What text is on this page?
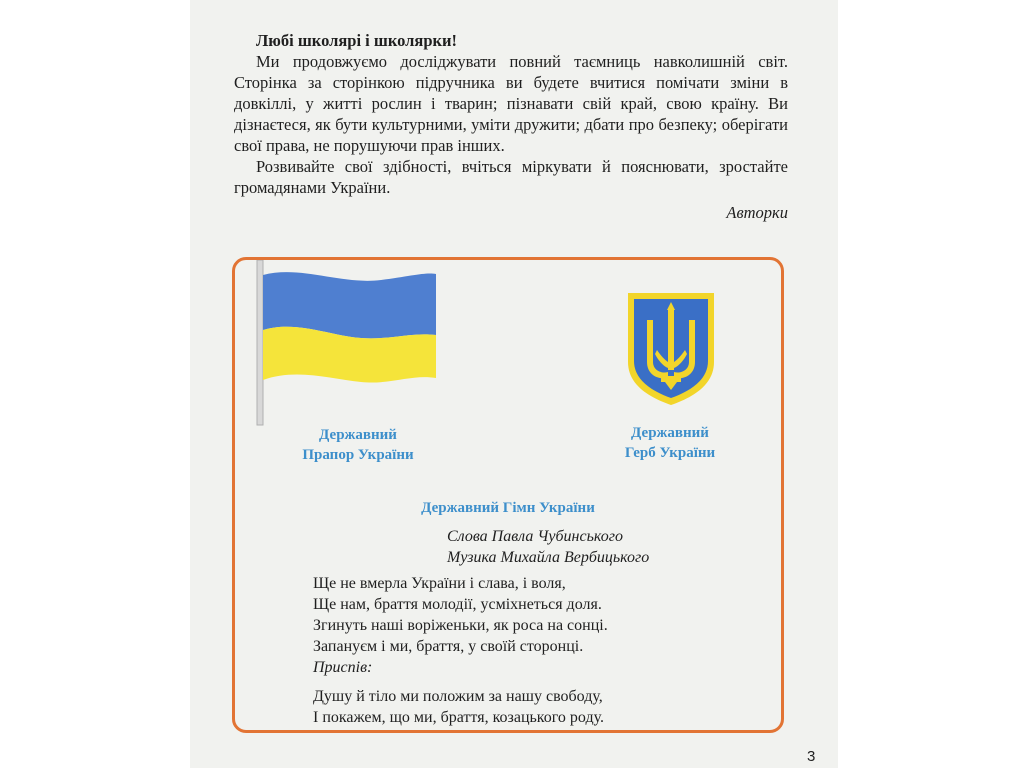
Любі школярі і школярки!

Ми продовжуємо досліджувати повний таємниць навколишній світ. Сторінка за сторінкою підручника ви будете вчитися помічати зміни в довкіллі, у житті рослин і тварин; пізнавати свій край, свою країну. Ви дізнаєтеся, як бути культурними, уміти дружити; дбати про безпеку; оберігати свої права, не порушуючи прав інших.

Розвивайте свої здібності, вчіться міркувати й пояснювати, зростайте громадянами України.

Авторки
Державний
Прапор України
Державний
Герб України
Державний Гімн України
Слова Павла Чубинського
Музика Михайла Вербицького
Ще не вмерла України і слава, і воля,
Ще нам, браття молодії, усміхнеться доля.
Згинуть наші воріженьки, як роса на сонці.
Запануєм і ми, браття, у своїй сторонці.
Приспів:
Душу й тіло ми положим за нашу свободу,
І покажем, що ми, браття, козацького роду.
3
